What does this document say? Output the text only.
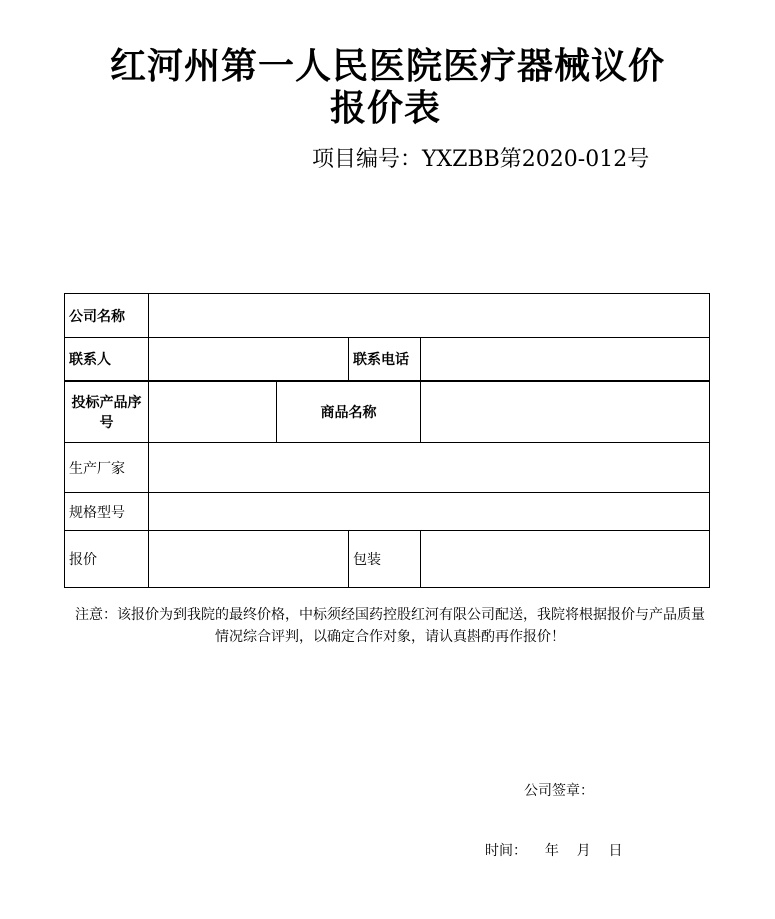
红河州第一人民医院医疗器械议价
报价表
项目编号：YXZBB第2020-012号
公司名称				
联系人			联系电话	
投标产品序号		商品名称		
生产厂家				
规格型号				
报价			包装	
注意：该报价为到我院的最终价格，中标须经国药控股红河有限公司配送，我院将根据报价与产品质量情况综合评判，以确定合作对象，请认真斟酌再作报价！
公司签章：
时间： 年 月 日
